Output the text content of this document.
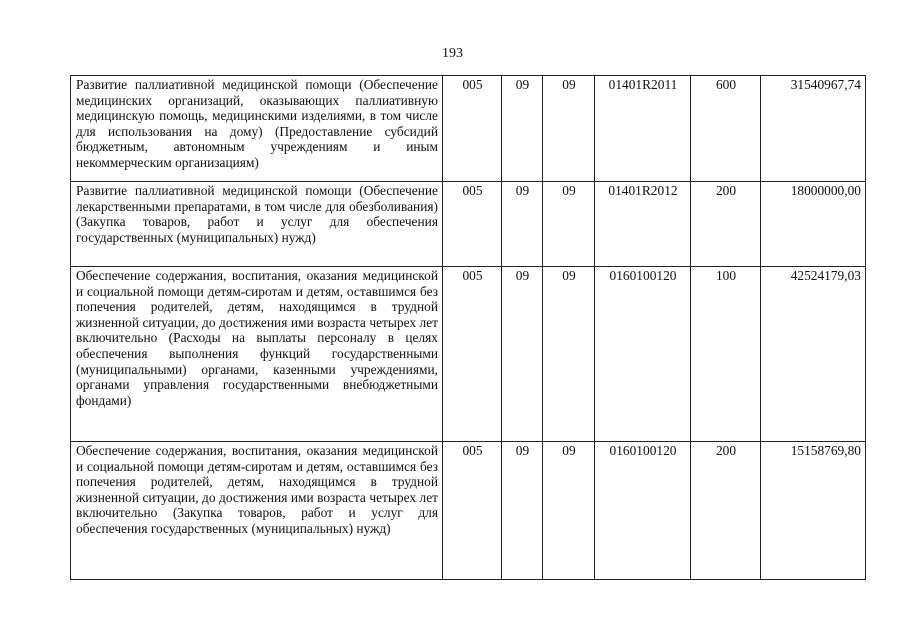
193
Развитие паллиативной медицинской помощи (Обеспечение медицинских организаций, оказывающих паллиативную медицинскую помощь, медицинскими изделиями, в том числе для использования на дому) (Предоставление субсидий бюджетным, автономным учреждениям и иным некоммерческим организациям)	005	09	09	01401R2011	600	31540967,74
Развитие паллиативной медицинской помощи (Обеспечение лекарственными препаратами, в том числе для обезболивания) (Закупка товаров, работ и услуг для обеспечения государственных (муниципальных) нужд)	005	09	09	01401R2012	200	18000000,00
Обеспечение содержания, воспитания, оказания медицинской и социальной помощи детям-сиротам и детям, оставшимся без попечения родителей, детям, находящимся в трудной жизненной ситуации, до достижения ими возраста четырех лет включительно (Расходы на выплаты персоналу в целях обеспечения выполнения функций государственными (муниципальными) органами, казенными учреждениями, органами управления государственными внебюджетными фондами)	005	09	09	0160100120	100	42524179,03
Обеспечение содержания, воспитания, оказания медицинской и социальной помощи детям-сиротам и детям, оставшимся без попечения родителей, детям, находящимся в трудной жизненной ситуации, до достижения ими возраста четырех лет включительно (Закупка товаров, работ и услуг для обеспечения государственных (муниципальных) нужд)	005	09	09	0160100120	200	15158769,80
